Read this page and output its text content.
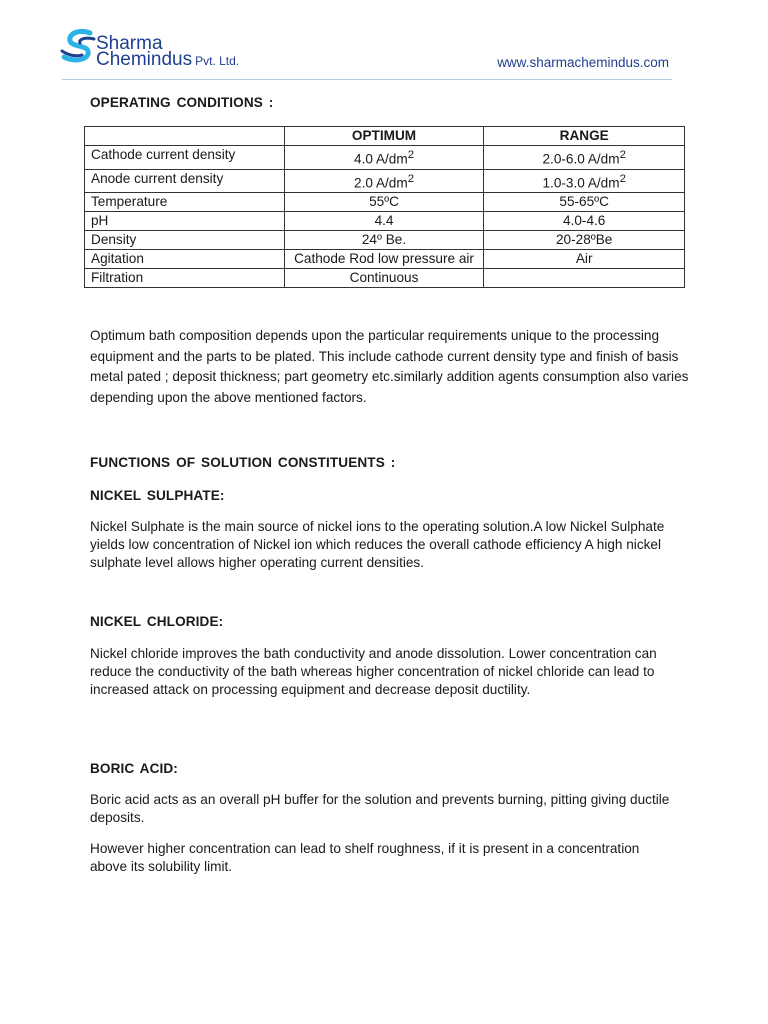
Sharma
Chemindus Pvt. Ltd.	www.sharmachemindus.com
OPERATING CONDITIONS :
	OPTIMUM	RANGE
Cathode current density	4.0 $A/dm^2$	2.0-6.0 $A/dm^2$
Anode current density	2.0 $A/dm^2$	1.0-3.0 $A/dm^2$
Temperature	55ºC	55-65ºC
pH	4.4	4.0-4.6
Density	24º Be.	20-28ºBe
Agitation	Cathode Rod low pressure air	Air
Filtration	Continuous	

Optimum bath composition depends upon the particular requirements unique to the processing equipment and the parts to be plated. This include cathode current density type and finish of basis metal pated ; deposit thickness; part geometry etc.similarly addition agents consumption also varies depending upon the above mentioned factors.

FUNCTIONS OF SOLUTION CONSTITUENTS :
NICKEL SULPHATE:

Nickel Sulphate is the main source of nickel ions to the operating solution.A low Nickel Sulphate yields low concentration of Nickel ion which reduces the overall cathode efficiency A high nickel sulphate level allows higher operating current densities.

NICKEL CHLORIDE:

Nickel chloride improves the bath conductivity and anode dissolution. Lower concentration can reduce the conductivity of the bath whereas higher concentration of nickel chloride can lead to increased attack on processing equipment and decrease deposit ductility.

BORIC ACID:

Boric acid acts as an overall pH buffer for the solution and prevents burning, pitting giving ductile deposits.

However higher concentration can lead to shelf roughness, if it is present in a concentration above its solubility limit.
